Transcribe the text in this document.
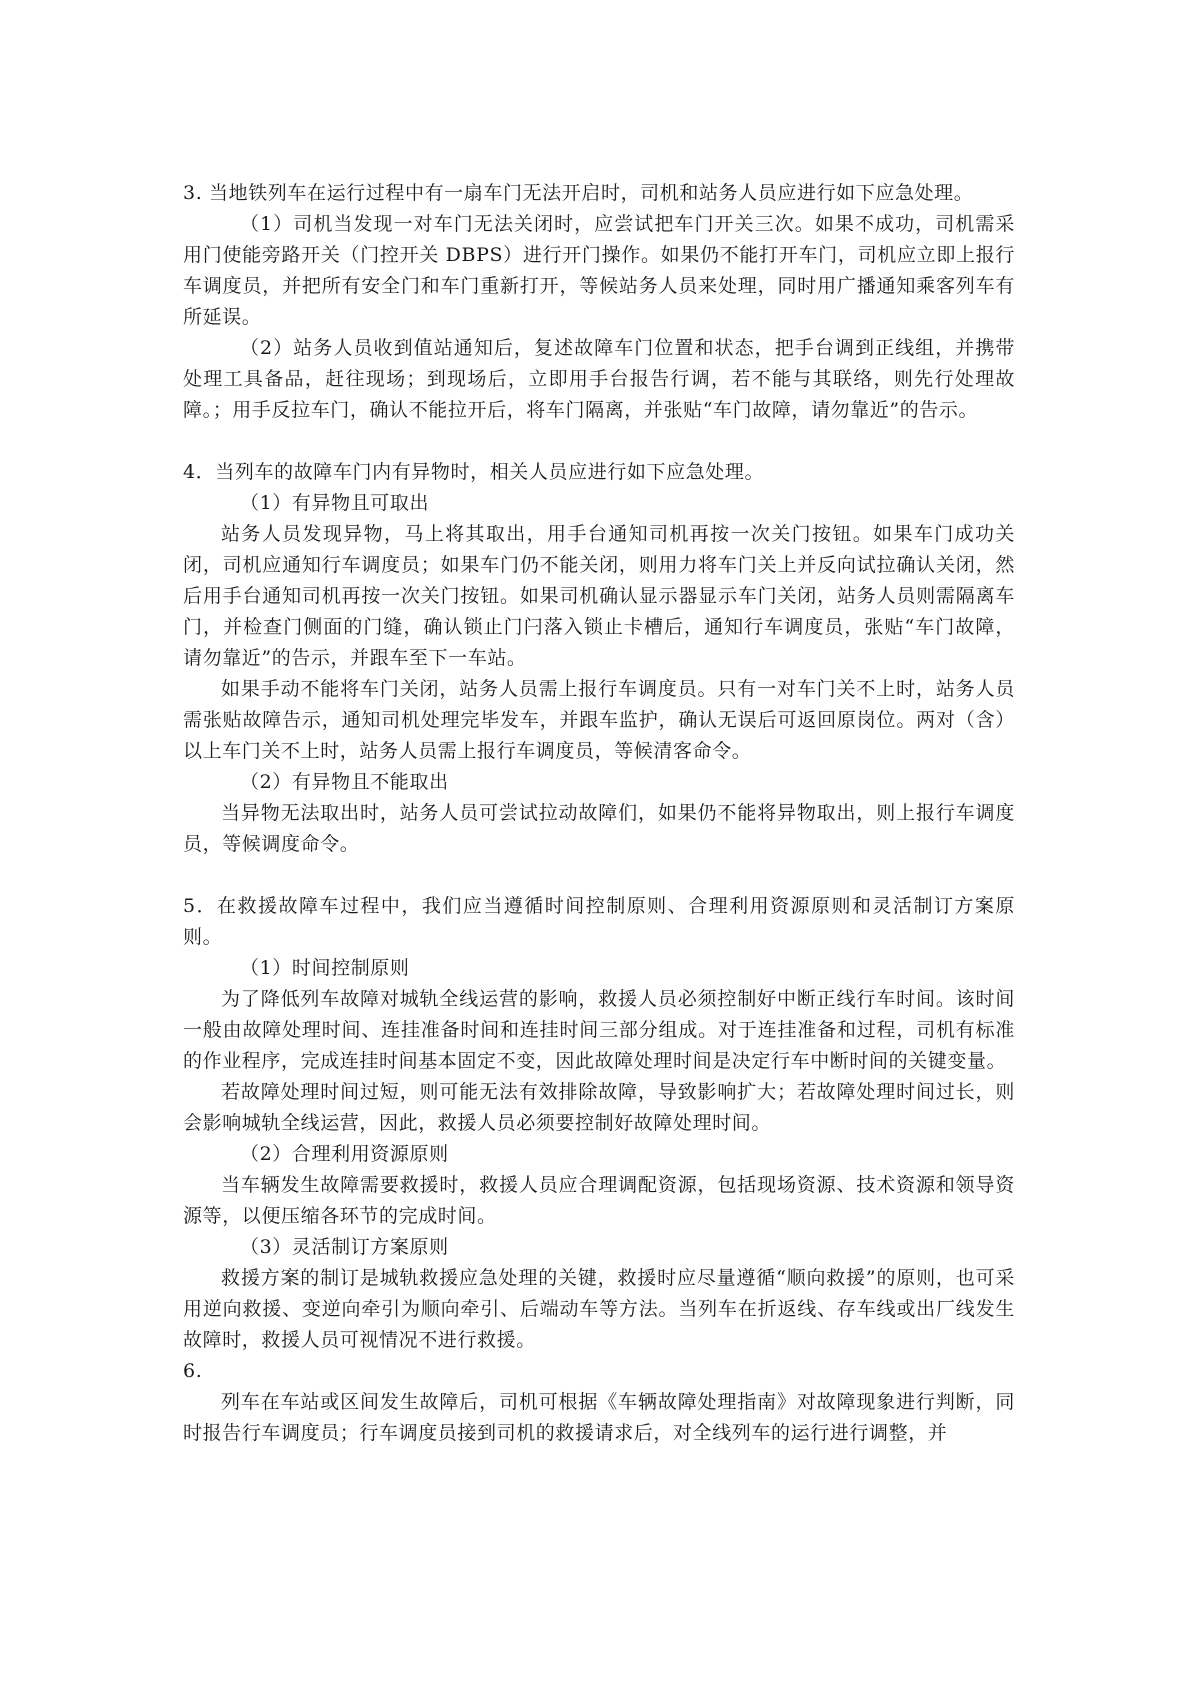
3. 当地铁列车在运行过程中有一扇车门无法开启时，司机和站务人员应进行如下应急处理。

（1）司机当发现一对车门无法关闭时，应尝试把车门开关三次。如果不成功，司机需采用门使能旁路开关（门控开关 DBPS）进行开门操作。如果仍不能打开车门，司机应立即上报行车调度员，并把所有安全门和车门重新打开，等候站务人员来处理，同时用广播通知乘客列车有所延误。

（2）站务人员收到值站通知后，复述故障车门位置和状态，把手台调到正线组，并携带处理工具备品，赶往现场；到现场后，立即用手台报告行调，若不能与其联络，则先行处理故障。；用手反拉车门，确认不能拉开后，将车门隔离，并张贴“车门故障，请勿靠近”的告示。

4．当列车的故障车门内有异物时，相关人员应进行如下应急处理。

（1）有异物且可取出

站务人员发现异物，马上将其取出，用手台通知司机再按一次关门按钮。如果车门成功关闭，司机应通知行车调度员；如果车门仍不能关闭，则用力将车门关上并反向试拉确认关闭，然后用手台通知司机再按一次关门按钮。如果司机确认显示器显示车门关闭，站务人员则需隔离车门，并检查门侧面的门缝，确认锁止门闩落入锁止卡槽后，通知行车调度员，张贴“车门故障，请勿靠近”的告示，并跟车至下一车站。

如果手动不能将车门关闭，站务人员需上报行车调度员。只有一对车门关不上时，站务人员需张贴故障告示，通知司机处理完毕发车，并跟车监护，确认无误后可返回原岗位。两对（含）以上车门关不上时，站务人员需上报行车调度员，等候清客命令。

（2）有异物且不能取出

当异物无法取出时，站务人员可尝试拉动故障们，如果仍不能将异物取出，则上报行车调度员，等候调度命令。

5．在救援故障车过程中，我们应当遵循时间控制原则、合理利用资源原则和灵活制订方案原则。

（1）时间控制原则

为了降低列车故障对城轨全线运营的影响，救援人员必须控制好中断正线行车时间。该时间一般由故障处理时间、连挂准备时间和连挂时间三部分组成。对于连挂准备和过程，司机有标准的作业程序，完成连挂时间基本固定不变，因此故障处理时间是决定行车中断时间的关键变量。

若故障处理时间过短，则可能无法有效排除故障，导致影响扩大；若故障处理时间过长，则会影响城轨全线运营，因此，救援人员必须要控制好故障处理时间。

（2）合理利用资源原则

当车辆发生故障需要救援时，救援人员应合理调配资源，包括现场资源、技术资源和领导资源等，以便压缩各环节的完成时间。

（3）灵活制订方案原则

救援方案的制订是城轨救援应急处理的关键，救援时应尽量遵循“顺向救援”的原则，也可采用逆向救援、变逆向牵引为顺向牵引、后端动车等方法。当列车在折返线、存车线或出厂线发生故障时，救援人员可视情况不进行救援。

6.

列车在车站或区间发生故障后，司机可根据《车辆故障处理指南》对故障现象进行判断，同时报告行车调度员；行车调度员接到司机的救援请求后，对全线列车的运行进行调整，并
